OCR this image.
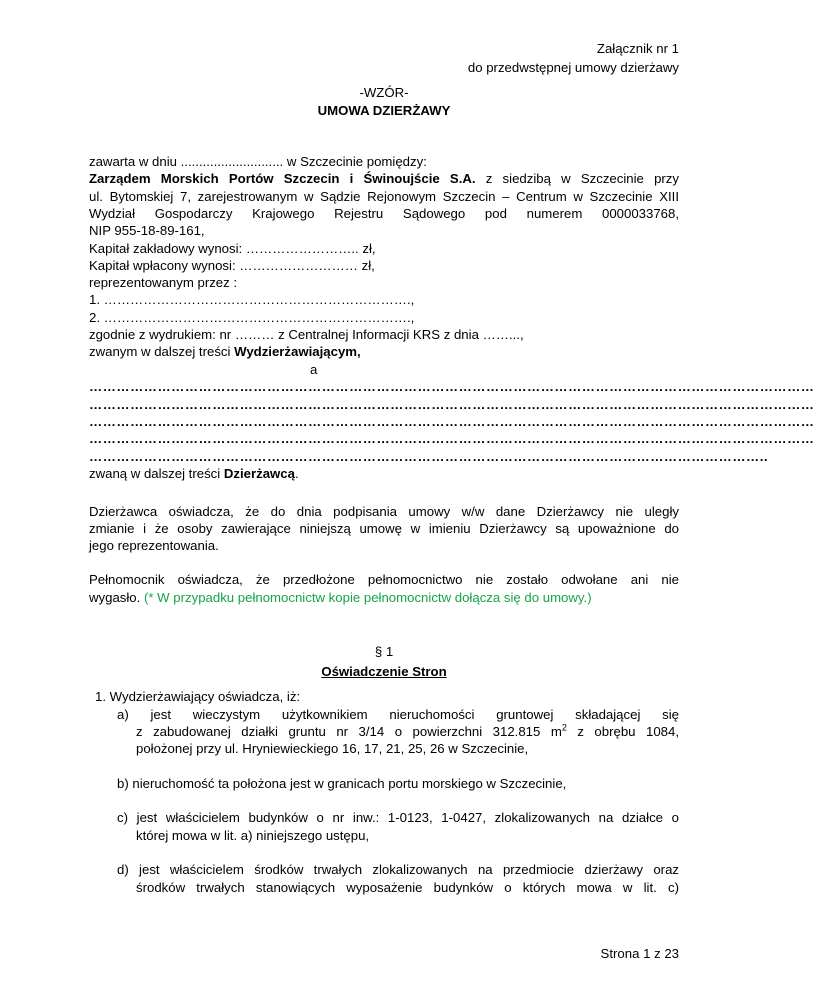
Załącznik nr 1
do przedwstępnej umowy dzierżawy
-WZÓR-
UMOWA DZIERŻAWY
zawarta w dniu ............................ w Szczecinie pomiędzy:
Zarządem Morskich Portów Szczecin i Świnoujście S.A. z siedzibą w Szczecinie przy
ul. Bytomskiej 7, zarejestrowanym w Sądzie Rejonowym Szczecin – Centrum w Szczecinie XIII
Wydział Gospodarczy Krajowego Rejestru Sądowego pod numerem 0000033768,
NIP 955-18-89-161,
Kapitał zakładowy wynosi: …………………….. zł,
Kapitał wpłacony wynosi: ……………………… zł,
reprezentowanym przez :
1. …………………………………………………………….,
2. …………………………………………………………….,
zgodnie z wydrukiem: nr ……… z Centralnej Informacji KRS z dnia ……...,
zwanym w dalszej treści Wydzierżawiającym,
a
……………………………………………………………………………………………………………………………………………
……………………………………………………………………………………………………………………………………………
……………………………………………………………………………………………………………………………………………
……………………………………………………………………………………………………………………………………………
…………………………………………………………………………………………………………………………………..
zwaną w dalszej treści Dzierżawcą.
Dzierżawca oświadcza, że do dnia podpisania umowy w/w dane Dzierżawcy nie uległy
zmianie i że osoby zawierające niniejszą umowę w imieniu Dzierżawcy są upoważnione do
jego reprezentowania.
Pełnomocnik oświadcza, że przedłożone pełnomocnictwo nie zostało odwołane ani nie
wygasło. (* W przypadku pełnomocnictw kopie pełnomocnictw dołącza się do umowy.)
§ 1
Oświadczenie Stron
1. Wydzierżawiający oświadcza, iż:
a) jest wieczystym użytkownikiem nieruchomości gruntowej składającej się
z zabudowanej działki gruntu nr 3/14 o powierzchni 312.815 $m^2$ z obrębu 1084,
położonej przy ul. Hryniewieckiego 16, 17, 21, 25, 26 w Szczecinie,
b) nieruchomość ta położona jest w granicach portu morskiego w Szczecinie,
c) jest właścicielem budynków o nr inw.: 1-0123, 1-0427, zlokalizowanych na działce o
której mowa w lit. a) niniejszego ustępu,
d) jest właścicielem środków trwałych zlokalizowanych na przedmiocie dzierżawy oraz
środków trwałych stanowiących wyposażenie budynków o których mowa w lit. c)
Strona 1 z 23
